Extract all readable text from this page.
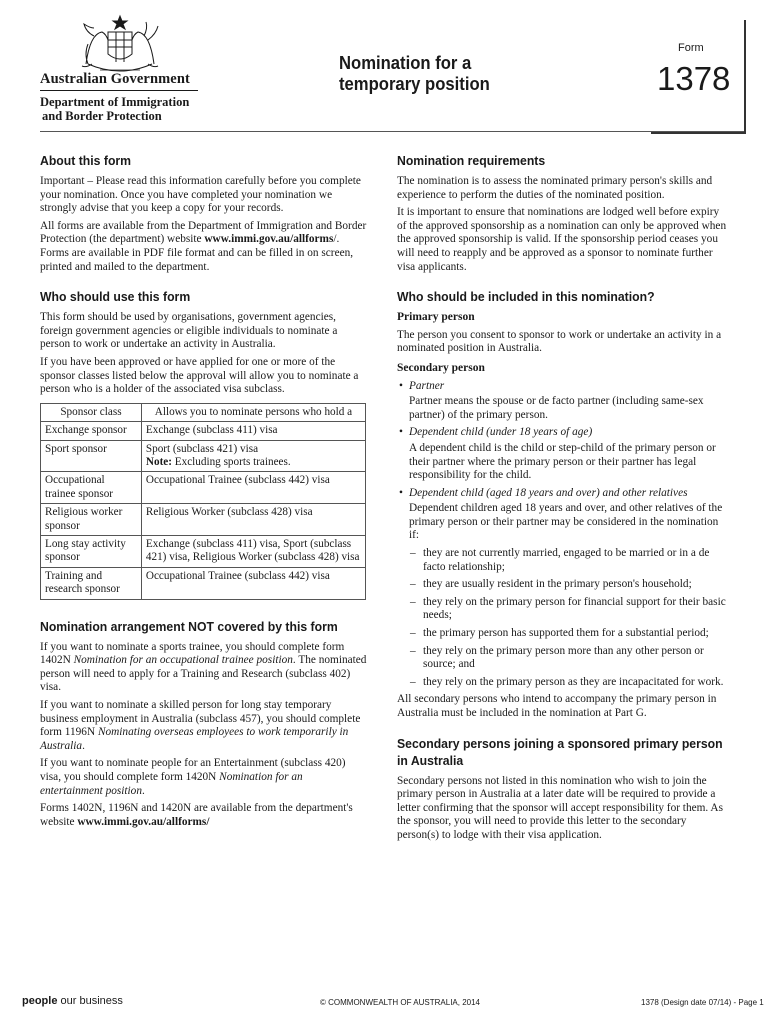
Australian Government
Department of Immigration
and Border Protection
Nomination for a
temporary position
Form
1378
About this form

Important – Please read this information carefully before you complete your nomination. Once you have completed your nomination we strongly advise that you keep a copy for your records.

All forms are available from the Department of Immigration and Border Protection (the department) website www.immi.gov.au/allforms/. Forms are available in PDF file format and can be filled in on screen, printed and mailed to the department.

Who should use this form

This form should be used by organisations, government agencies, foreign government agencies or eligible individuals to nominate a person to work or undertake an activity in Australia.

If you have been approved or have applied for one or more of the sponsor classes listed below the approval will allow you to nominate a person who is a holder of the associated visa subclass.

Sponsor class	Allows you to nominate persons who hold a
Exchange sponsor	Exchange (subclass 411) visa
Sport sponsor	Sport (subclass 421) visa
Note: Excluding sports trainees.
Occupational trainee sponsor	Occupational Trainee (subclass 442) visa
Religious worker sponsor	Religious Worker (subclass 428) visa
Long stay activity sponsor	Exchange (subclass 411) visa, Sport (subclass 421) visa, Religious Worker (subclass 428) visa
Training and research sponsor	Occupational Trainee (subclass 442) visa
Nomination arrangement NOT covered by this form

If you want to nominate a sports trainee, you should complete form 1402N Nomination for an occupational trainee position. The nominated person will need to apply for a Training and Research (subclass 402) visa.

If you want to nominate a skilled person for long stay temporary business employment in Australia (subclass 457), you should complete form 1196N Nominating overseas employees to work temporarily in Australia.

If you want to nominate people for an Entertainment (subclass 420) visa, you should complete form 1420N Nomination for an entertainment position.

Forms 1402N, 1196N and 1420N are available from the department's website www.immi.gov.au/allforms/

Nomination requirements

The nomination is to assess the nominated primary person's skills and experience to perform the duties of the nominated position.

It is important to ensure that nominations are lodged well before expiry of the approved sponsorship as a nomination can only be approved when the approved sponsorship is valid. If the sponsorship period ceases you will need to reapply and be approved as a sponsor to nominate further visa applicants.

Who should be included in this nomination?
Primary person

The person you consent to sponsor to work or undertake an activity in a nominated position in Australia.

Secondary person
• Partner

Partner means the spouse or de facto partner (including same-sex partner) of the primary person.

• Dependent child (under 18 years of age)

A dependent child is the child or step-child of the primary person or their partner where the primary person or their partner has legal responsibility for the child.

• Dependent child (aged 18 years and over) and other relatives

Dependent children aged 18 years and over, and other relatives of the primary person or their partner may be considered in the nomination if:

– they are not currently married, engaged to be married or in a de facto relationship;
– they are usually resident in the primary person's household;
– they rely on the primary person for financial support for their basic needs;
– the primary person has supported them for a substantial period;
– they rely on the primary person more than any other person or source; and
– they rely on the primary person as they are incapacitated for work.

All secondary persons who intend to accompany the primary person in Australia must be included in the nomination at Part G.

Secondary persons joining a sponsored primary person in Australia

Secondary persons not listed in this nomination who wish to join the primary person in Australia at a later date will be required to provide a letter confirming that the sponsor will accept responsibility for them. As the sponsor, you will need to provide this letter to the secondary person(s) to lodge with their visa application.

people our business	© COMMONWEALTH OF AUSTRALIA, 2014	1378 (Design date 07/14) - Page 1
